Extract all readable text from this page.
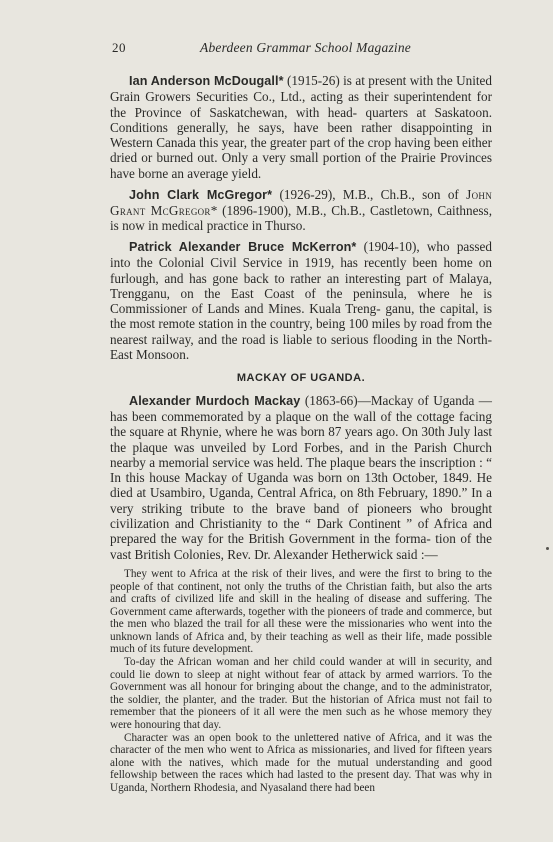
20	Aberdeen Grammar School Magazine

Ian Anderson McDougall* (1915-26) is at present with the United Grain Growers Securities Co., Ltd., acting as their superintendent for the Province of Saskatchewan, with head- quarters at Saskatoon. Conditions generally, he says, have been rather disappointing in Western Canada this year, the greater part of the crop having been either dried or burned out. Only a very small portion of the Prairie Provinces have borne an average yield.

John Clark McGregor* (1926-29), M.B., Ch.B., son of John Grant McGregor* (1896-1900), M.B., Ch.B., Castletown, Caithness, is now in medical practice in Thurso.

Patrick Alexander Bruce McKerron* (1904-10), who passed into the Colonial Civil Service in 1919, has recently been home on furlough, and has gone back to rather an interesting part of Malaya, Trengganu, on the East Coast of the peninsula, where he is Commissioner of Lands and Mines. Kuala Treng- ganu, the capital, is the most remote station in the country, being 100 miles by road from the nearest railway, and the road is liable to serious flooding in the North-East Monsoon.

MACKAY OF UGANDA.

Alexander Murdoch Mackay (1863-66)—Mackay of Uganda —has been commemorated by a plaque on the wall of the cottage facing the square at Rhynie, where he was born 87 years ago. On 30th July last the plaque was unveiled by Lord Forbes, and in the Parish Church nearby a memorial service was held. The plaque bears the inscription : “ In this house Mackay of Uganda was born on 13th October, 1849. He died at Usambiro, Uganda, Central Africa, on 8th February, 1890.” In a very striking tribute to the brave band of pioneers who brought civilization and Christianity to the “ Dark Continent ” of Africa and prepared the way for the British Government in the forma- tion of the vast British Colonies, Rev. Dr. Alexander Hetherwick said :—

They went to Africa at the risk of their lives, and were the first to bring to the people of that continent, not only the truths of the Christian faith, but also the arts and crafts of civilized life and skill in the healing of disease and suffering. The Government came afterwards, together with the pioneers of trade and commerce, but the men who blazed the trail for all these were the missionaries who went into the unknown lands of Africa and, by their teaching as well as their life, made possible much of its future development.

To-day the African woman and her child could wander at will in security, and could lie down to sleep at night without fear of attack by armed warriors. To the Government was all honour for bringing about the change, and to the administrator, the soldier, the planter, and the trader. But the historian of Africa must not fail to remember that the pioneers of it all were the men such as he whose memory they were honouring that day.

Character was an open book to the unlettered native of Africa, and it was the character of the men who went to Africa as missionaries, and lived for fifteen years alone with the natives, which made for the mutual understanding and good fellowship between the races which had lasted to the present day. That was why in Uganda, Northern Rhodesia, and Nyasaland there had been
